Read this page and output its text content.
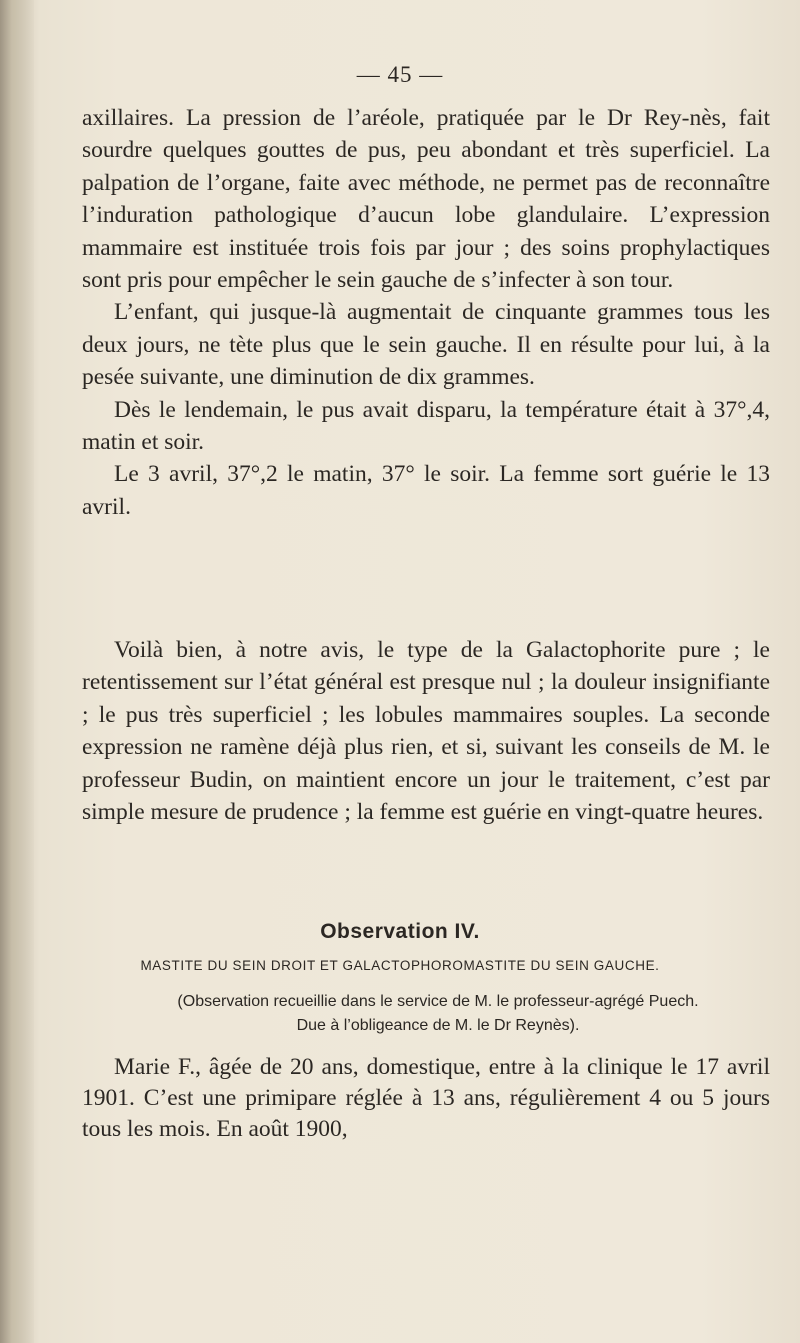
— 45 —

axillaires. La pression de l’aréole, pratiquée par le Dr Rey-nès, fait sourdre quelques gouttes de pus, peu abondant et très superficiel. La palpation de l’organe, faite avec méthode, ne permet pas de reconnaître l’induration pathologique d’aucun lobe glandulaire. L’expression mammaire est instituée trois fois par jour ; des soins prophylactiques sont pris pour empêcher le sein gauche de s’infecter à son tour.

L’enfant, qui jusque-là augmentait de cinquante grammes tous les deux jours, ne tète plus que le sein gauche. Il en résulte pour lui, à la pesée suivante, une diminution de dix grammes.

Dès le lendemain, le pus avait disparu, la température était à 37°,4, matin et soir.

Le 3 avril, 37°,2 le matin, 37° le soir. La femme sort guérie le 13 avril.

Voilà bien, à notre avis, le type de la Galactophorite pure ; le retentissement sur l’état général est presque nul ; la douleur insignifiante ; le pus très superficiel ; les lobules mammaires souples. La seconde expression ne ramène déjà plus rien, et si, suivant les conseils de M. le professeur Budin, on maintient encore un jour le traitement, c’est par simple mesure de prudence ; la femme est guérie en vingt-quatre heures.

Observation IV.
MASTITE DU SEIN DROIT ET GALACTOPHOROMASTITE DU SEIN GAUCHE.
(Observation recueillie dans le service de M. le professeur-agrégé Puech.
Due à l’obligeance de M. le Dr Reynès).

Marie F., âgée de 20 ans, domestique, entre à la clinique le 17 avril 1901. C’est une primipare réglée à 13 ans, régulièrement 4 ou 5 jours tous les mois. En août 1900,
